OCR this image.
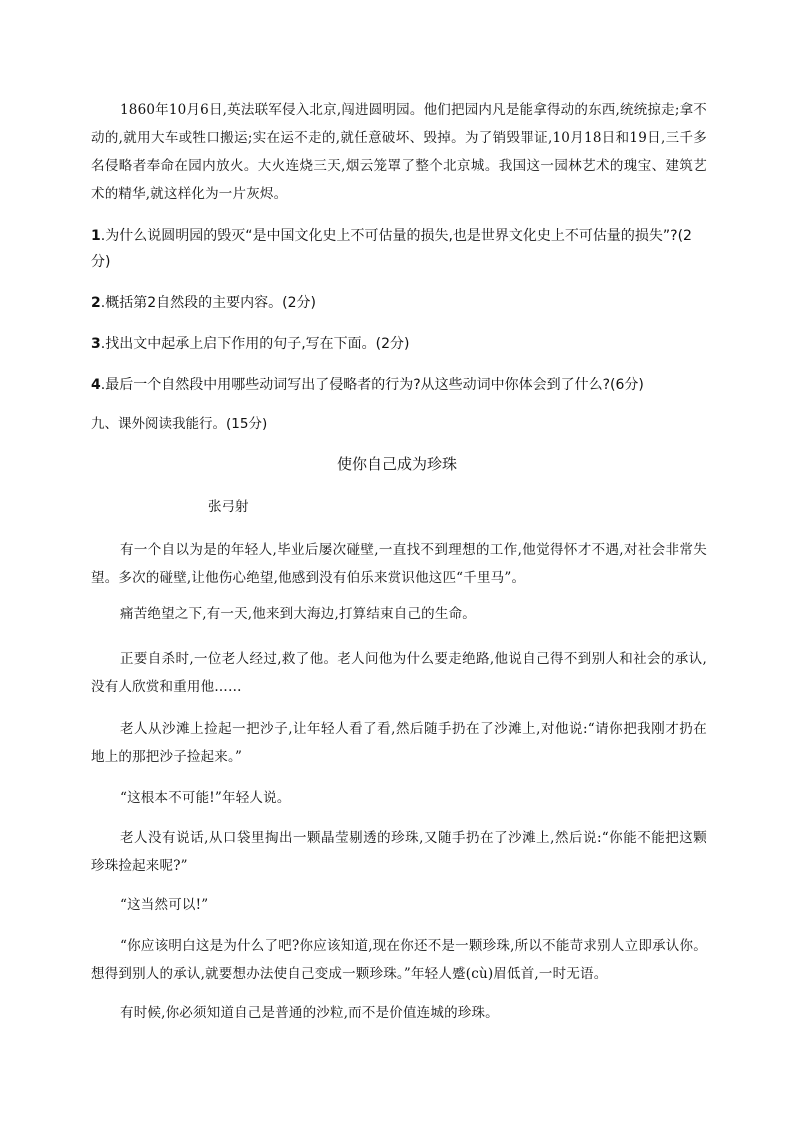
1860年10月6日,英法联军侵入北京,闯进圆明园。他们把园内凡是能拿得动的东西,统统掠走;拿不动的,就用大车或牲口搬运;实在运不走的,就任意破坏、毁掉。为了销毁罪证,10月18日和19日,三千多名侵略者奉命在园内放火。大火连烧三天,烟云笼罩了整个北京城。我国这一园林艺术的瑰宝、建筑艺术的精华,就这样化为一片灰烬。

1.为什么说圆明园的毁灭“是中国文化史上不可估量的损失,也是世界文化史上不可估量的损失”?(2分)

2.概括第2自然段的主要内容。(2分)

3.找出文中起承上启下作用的句子,写在下面。(2分)

4.最后一个自然段中用哪些动词写出了侵略者的行为?从这些动词中你体会到了什么?(6分)

九、课外阅读我能行。(15分)

使你自己成为珍珠

张弓射

有一个自以为是的年轻人,毕业后屡次碰壁,一直找不到理想的工作,他觉得怀才不遇,对社会非常失望。多次的碰壁,让他伤心绝望,他感到没有伯乐来赏识他这匹“千里马”。

痛苦绝望之下,有一天,他来到大海边,打算结束自己的生命。

正要自杀时,一位老人经过,救了他。老人问他为什么要走绝路,他说自己得不到别人和社会的承认,没有人欣赏和重用他……

老人从沙滩上捡起一把沙子,让年轻人看了看,然后随手扔在了沙滩上,对他说:“请你把我刚才扔在地上的那把沙子捡起来。”

“这根本不可能!”年轻人说。

老人没有说话,从口袋里掏出一颗晶莹剔透的珍珠,又随手扔在了沙滩上,然后说:“你能不能把这颗珍珠捡起来呢?”

“这当然可以!”

“你应该明白这是为什么了吧?你应该知道,现在你还不是一颗珍珠,所以不能苛求别人立即承认你。想得到别人的承认,就要想办法使自己变成一颗珍珠。”年轻人蹙(cù)眉低首,一时无语。

有时候,你必须知道自己是普通的沙粒,而不是价值连城的珍珠。
